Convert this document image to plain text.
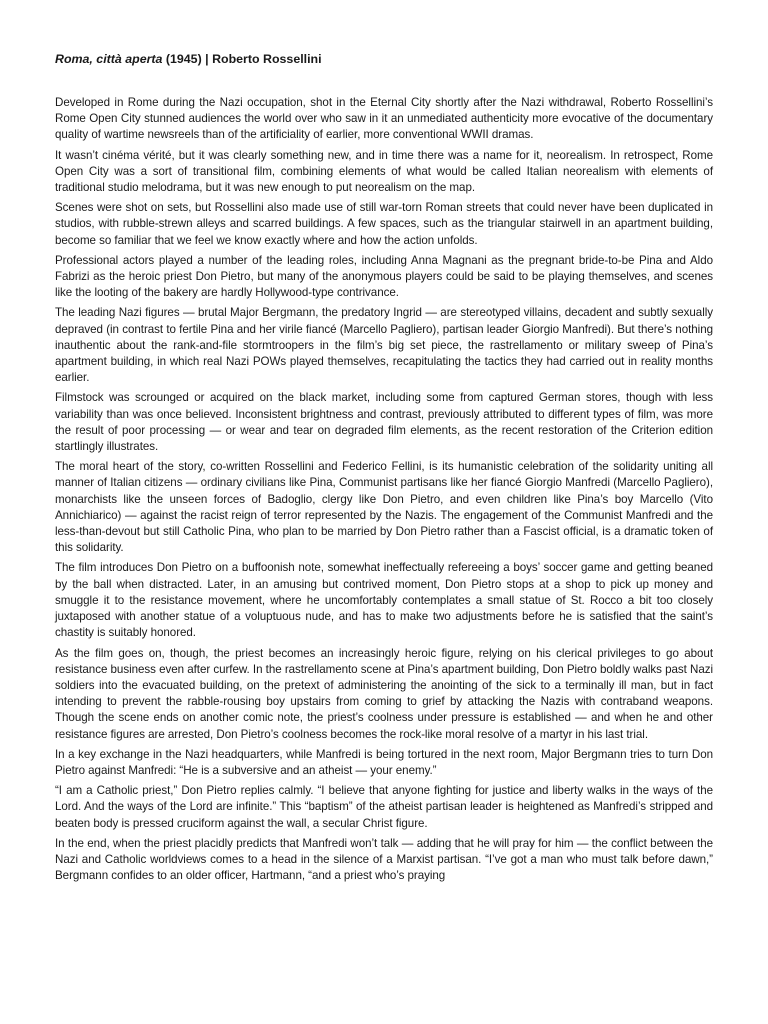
Roma, città aperta (1945) | Roberto Rossellini

Developed in Rome during the Nazi occupation, shot in the Eternal City shortly after the Nazi withdrawal, Roberto Rossellini’s Rome Open City stunned audiences the world over who saw in it an unmediated authenticity more evocative of the documentary quality of wartime newsreels than of the artificiality of earlier, more conventional WWII dramas.

It wasn’t cinéma vérité, but it was clearly something new, and in time there was a name for it, neorealism. In retrospect, Rome Open City was a sort of transitional film, combining elements of what would be called Italian neorealism with elements of traditional studio melodrama, but it was new enough to put neorealism on the map.

Scenes were shot on sets, but Rossellini also made use of still war-torn Roman streets that could never have been duplicated in studios, with rubble-strewn alleys and scarred buildings. A few spaces, such as the triangular stairwell in an apartment building, become so familiar that we feel we know exactly where and how the action unfolds.

Professional actors played a number of the leading roles, including Anna Magnani as the pregnant bride-to-be Pina and Aldo Fabrizi as the heroic priest Don Pietro, but many of the anonymous players could be said to be playing themselves, and scenes like the looting of the bakery are hardly Hollywood-type contrivance.

The leading Nazi figures — brutal Major Bergmann, the predatory Ingrid — are stereotyped villains, decadent and subtly sexually depraved (in contrast to fertile Pina and her virile fiancé (Marcello Pagliero), partisan leader Giorgio Manfredi). But there’s nothing inauthentic about the rank-and-file stormtroopers in the film’s big set piece, the rastrellamento or military sweep of Pina’s apartment building, in which real Nazi POWs played themselves, recapitulating the tactics they had carried out in reality months earlier.

Filmstock was scrounged or acquired on the black market, including some from captured German stores, though with less variability than was once believed. Inconsistent brightness and contrast, previously attributed to different types of film, was more the result of poor processing — or wear and tear on degraded film elements, as the recent restoration of the Criterion edition startlingly illustrates.

The moral heart of the story, co-written Rossellini and Federico Fellini, is its humanistic celebration of the solidarity uniting all manner of Italian citizens — ordinary civilians like Pina, Communist partisans like her fiancé Giorgio Manfredi (Marcello Pagliero), monarchists like the unseen forces of Badoglio, clergy like Don Pietro, and even children like Pina’s boy Marcello (Vito Annichiarico) — against the racist reign of terror represented by the Nazis. The engagement of the Communist Manfredi and the less-than-devout but still Catholic Pina, who plan to be married by Don Pietro rather than a Fascist official, is a dramatic token of this solidarity.

The film introduces Don Pietro on a buffoonish note, somewhat ineffectually refereeing a boys’ soccer game and getting beaned by the ball when distracted. Later, in an amusing but contrived moment, Don Pietro stops at a shop to pick up money and smuggle it to the resistance movement, where he uncomfortably contemplates a small statue of St. Rocco a bit too closely juxtaposed with another statue of a voluptuous nude, and has to make two adjustments before he is satisfied that the saint’s chastity is suitably honored.

As the film goes on, though, the priest becomes an increasingly heroic figure, relying on his clerical privileges to go about resistance business even after curfew. In the rastrellamento scene at Pina’s apartment building, Don Pietro boldly walks past Nazi soldiers into the evacuated building, on the pretext of administering the anointing of the sick to a terminally ill man, but in fact intending to prevent the rabble-rousing boy upstairs from coming to grief by attacking the Nazis with contraband weapons. Though the scene ends on another comic note, the priest’s coolness under pressure is established — and when he and other resistance figures are arrested, Don Pietro’s coolness becomes the rock-like moral resolve of a martyr in his last trial.

In a key exchange in the Nazi headquarters, while Manfredi is being tortured in the next room, Major Bergmann tries to turn Don Pietro against Manfredi: “He is a subversive and an atheist — your enemy.”

“I am a Catholic priest,” Don Pietro replies calmly. “I believe that anyone fighting for justice and liberty walks in the ways of the Lord. And the ways of the Lord are infinite.” This “baptism” of the atheist partisan leader is heightened as Manfredi’s stripped and beaten body is pressed cruciform against the wall, a secular Christ figure.

In the end, when the priest placidly predicts that Manfredi won’t talk — adding that he will pray for him — the conflict between the Nazi and Catholic worldviews comes to a head in the silence of a Marxist partisan. “I’ve got a man who must talk before dawn,” Bergmann confides to an older officer, Hartmann, “and a priest who’s praying
